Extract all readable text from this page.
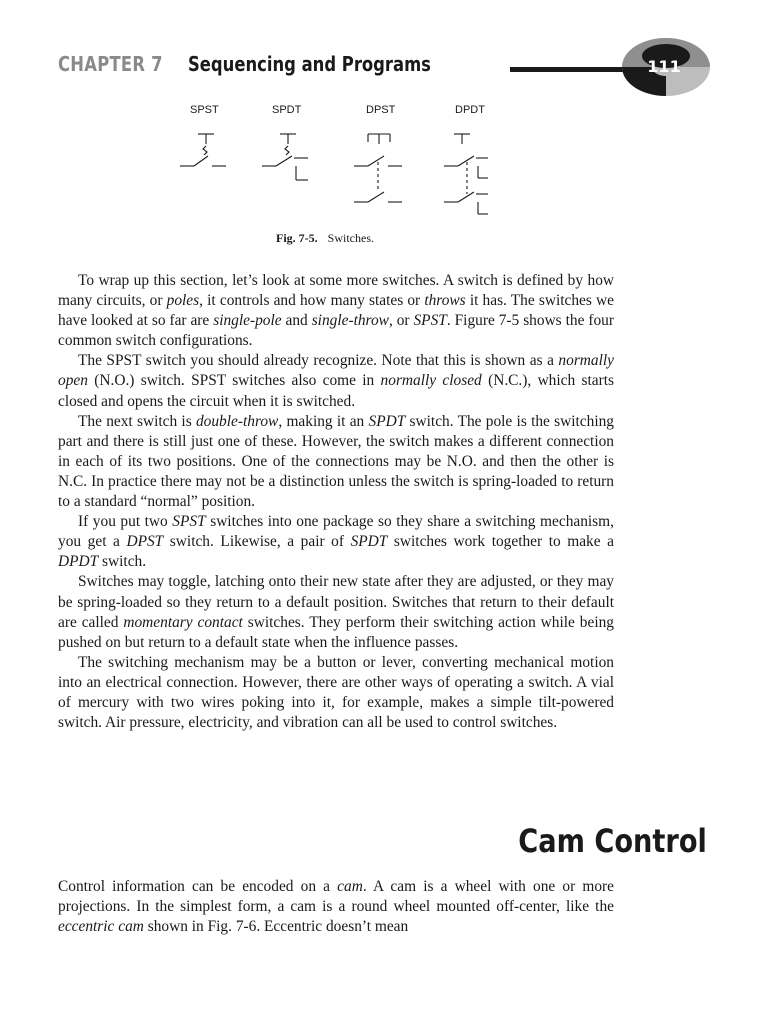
CHAPTER 7 Sequencing and Programs	111
SPST	SPDT	DPST	DPDT
Fig. 7-5. Switches.

To wrap up this section, let’s look at some more switches. A switch is defined by how many circuits, or poles, it controls and how many states or throws it has. The switches we have looked at so far are single-pole and single-throw, or SPST. Figure 7-5 shows the four common switch configurations.

The SPST switch you should already recognize. Note that this is shown as a normally open (N.O.) switch. SPST switches also come in normally closed (N.C.), which starts closed and opens the circuit when it is switched.

The next switch is double-throw, making it an SPDT switch. The pole is the switching part and there is still just one of these. However, the switch makes a different connection in each of its two positions. One of the connections may be N.O. and then the other is N.C. In practice there may not be a distinction unless the switch is spring-loaded to return to a standard “normal” position.

If you put two SPST switches into one package so they share a switching mechanism, you get a DPST switch. Likewise, a pair of SPDT switches work together to make a DPDT switch.

Switches may toggle, latching onto their new state after they are adjusted, or they may be spring-loaded so they return to a default position. Switches that return to their default are called momentary contact switches. They perform their switching action while being pushed on but return to a default state when the influence passes.

The switching mechanism may be a button or lever, converting mechanical motion into an electrical connection. However, there are other ways of operating a switch. A vial of mercury with two wires poking into it, for example, makes a simple tilt-powered switch. Air pressure, electricity, and vibration can all be used to control switches.

Cam Control

Control information can be encoded on a cam. A cam is a wheel with one or more projections. In the simplest form, a cam is a round wheel mounted off-center, like the eccentric cam shown in Fig. 7-6. Eccentric doesn’t mean
